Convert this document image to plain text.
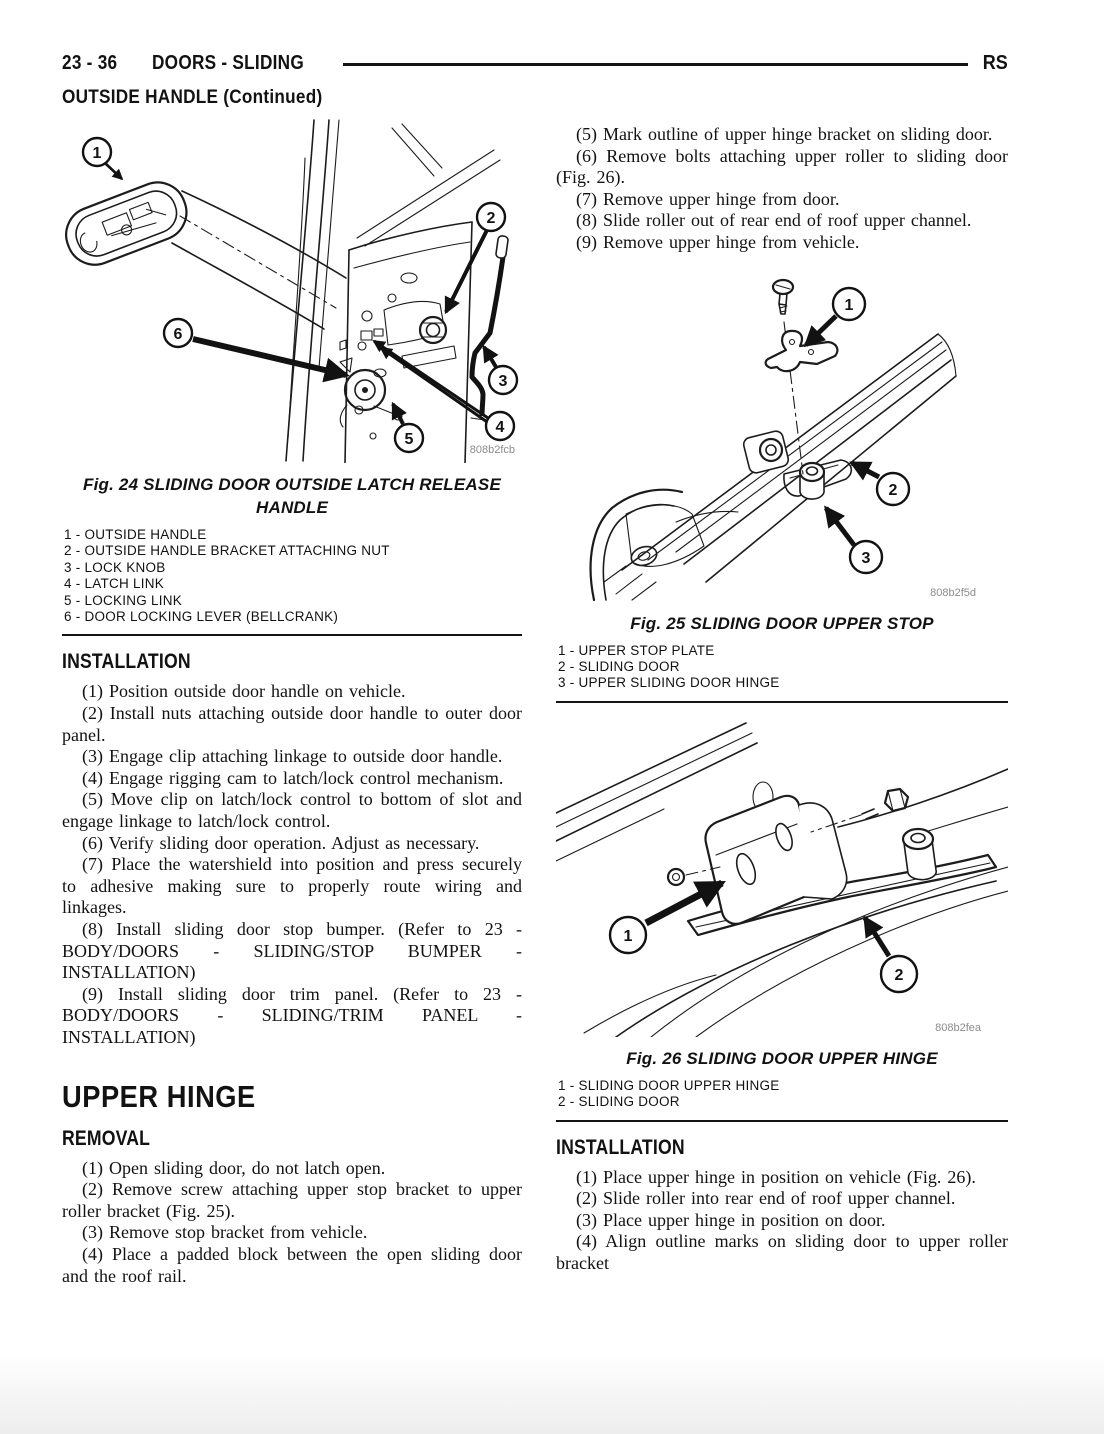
23 - 36 DOORS - SLIDING	RS
OUTSIDE HANDLE (Continued)
1
2
3
4
5
6
808b2fcb
Fig. 24 SLIDING DOOR OUTSIDE LATCH RELEASE HANDLE
1 - OUTSIDE HANDLE
2 - OUTSIDE HANDLE BRACKET ATTACHING NUT
3 - LOCK KNOB
4 - LATCH LINK
5 - LOCKING LINK
6 - DOOR LOCKING LEVER (BELLCRANK)
INSTALLATION

(1) Position outside door handle on vehicle.

(2) Install nuts attaching outside door handle to outer door panel.

(3) Engage clip attaching linkage to outside door handle.

(4) Engage rigging cam to latch/lock control mechanism.

(5) Move clip on latch/lock control to bottom of slot and engage linkage to latch/lock control.

(6) Verify sliding door operation. Adjust as necessary.

(7) Place the watershield into position and press securely to adhesive making sure to properly route wiring and linkages.

(8) Install sliding door stop bumper. (Refer to 23 - BODY/DOORS - SLIDING/STOP BUMPER - INSTALLATION)

(9) Install sliding door trim panel. (Refer to 23 - BODY/DOORS - SLIDING/TRIM PANEL - INSTALLATION)

UPPER HINGE
REMOVAL

(1) Open sliding door, do not latch open.

(2) Remove screw attaching upper stop bracket to upper roller bracket (Fig. 25).

(3) Remove stop bracket from vehicle.

(4) Place a padded block between the open sliding door and the roof rail.

(5) Mark outline of upper hinge bracket on sliding door.

(6) Remove bolts attaching upper roller to sliding door (Fig. 26).

(7) Remove upper hinge from door.

(8) Slide roller out of rear end of roof upper channel.

(9) Remove upper hinge from vehicle.

1
2
3
808b2f5d
Fig. 25 SLIDING DOOR UPPER STOP
1 - UPPER STOP PLATE
2 - SLIDING DOOR
3 - UPPER SLIDING DOOR HINGE
1
2
808b2fea
Fig. 26 SLIDING DOOR UPPER HINGE
1 - SLIDING DOOR UPPER HINGE
2 - SLIDING DOOR
INSTALLATION

(1) Place upper hinge in position on vehicle (Fig. 26).

(2) Slide roller into rear end of roof upper channel.

(3) Place upper hinge in position on door.

(4) Align outline marks on sliding door to upper roller bracket
